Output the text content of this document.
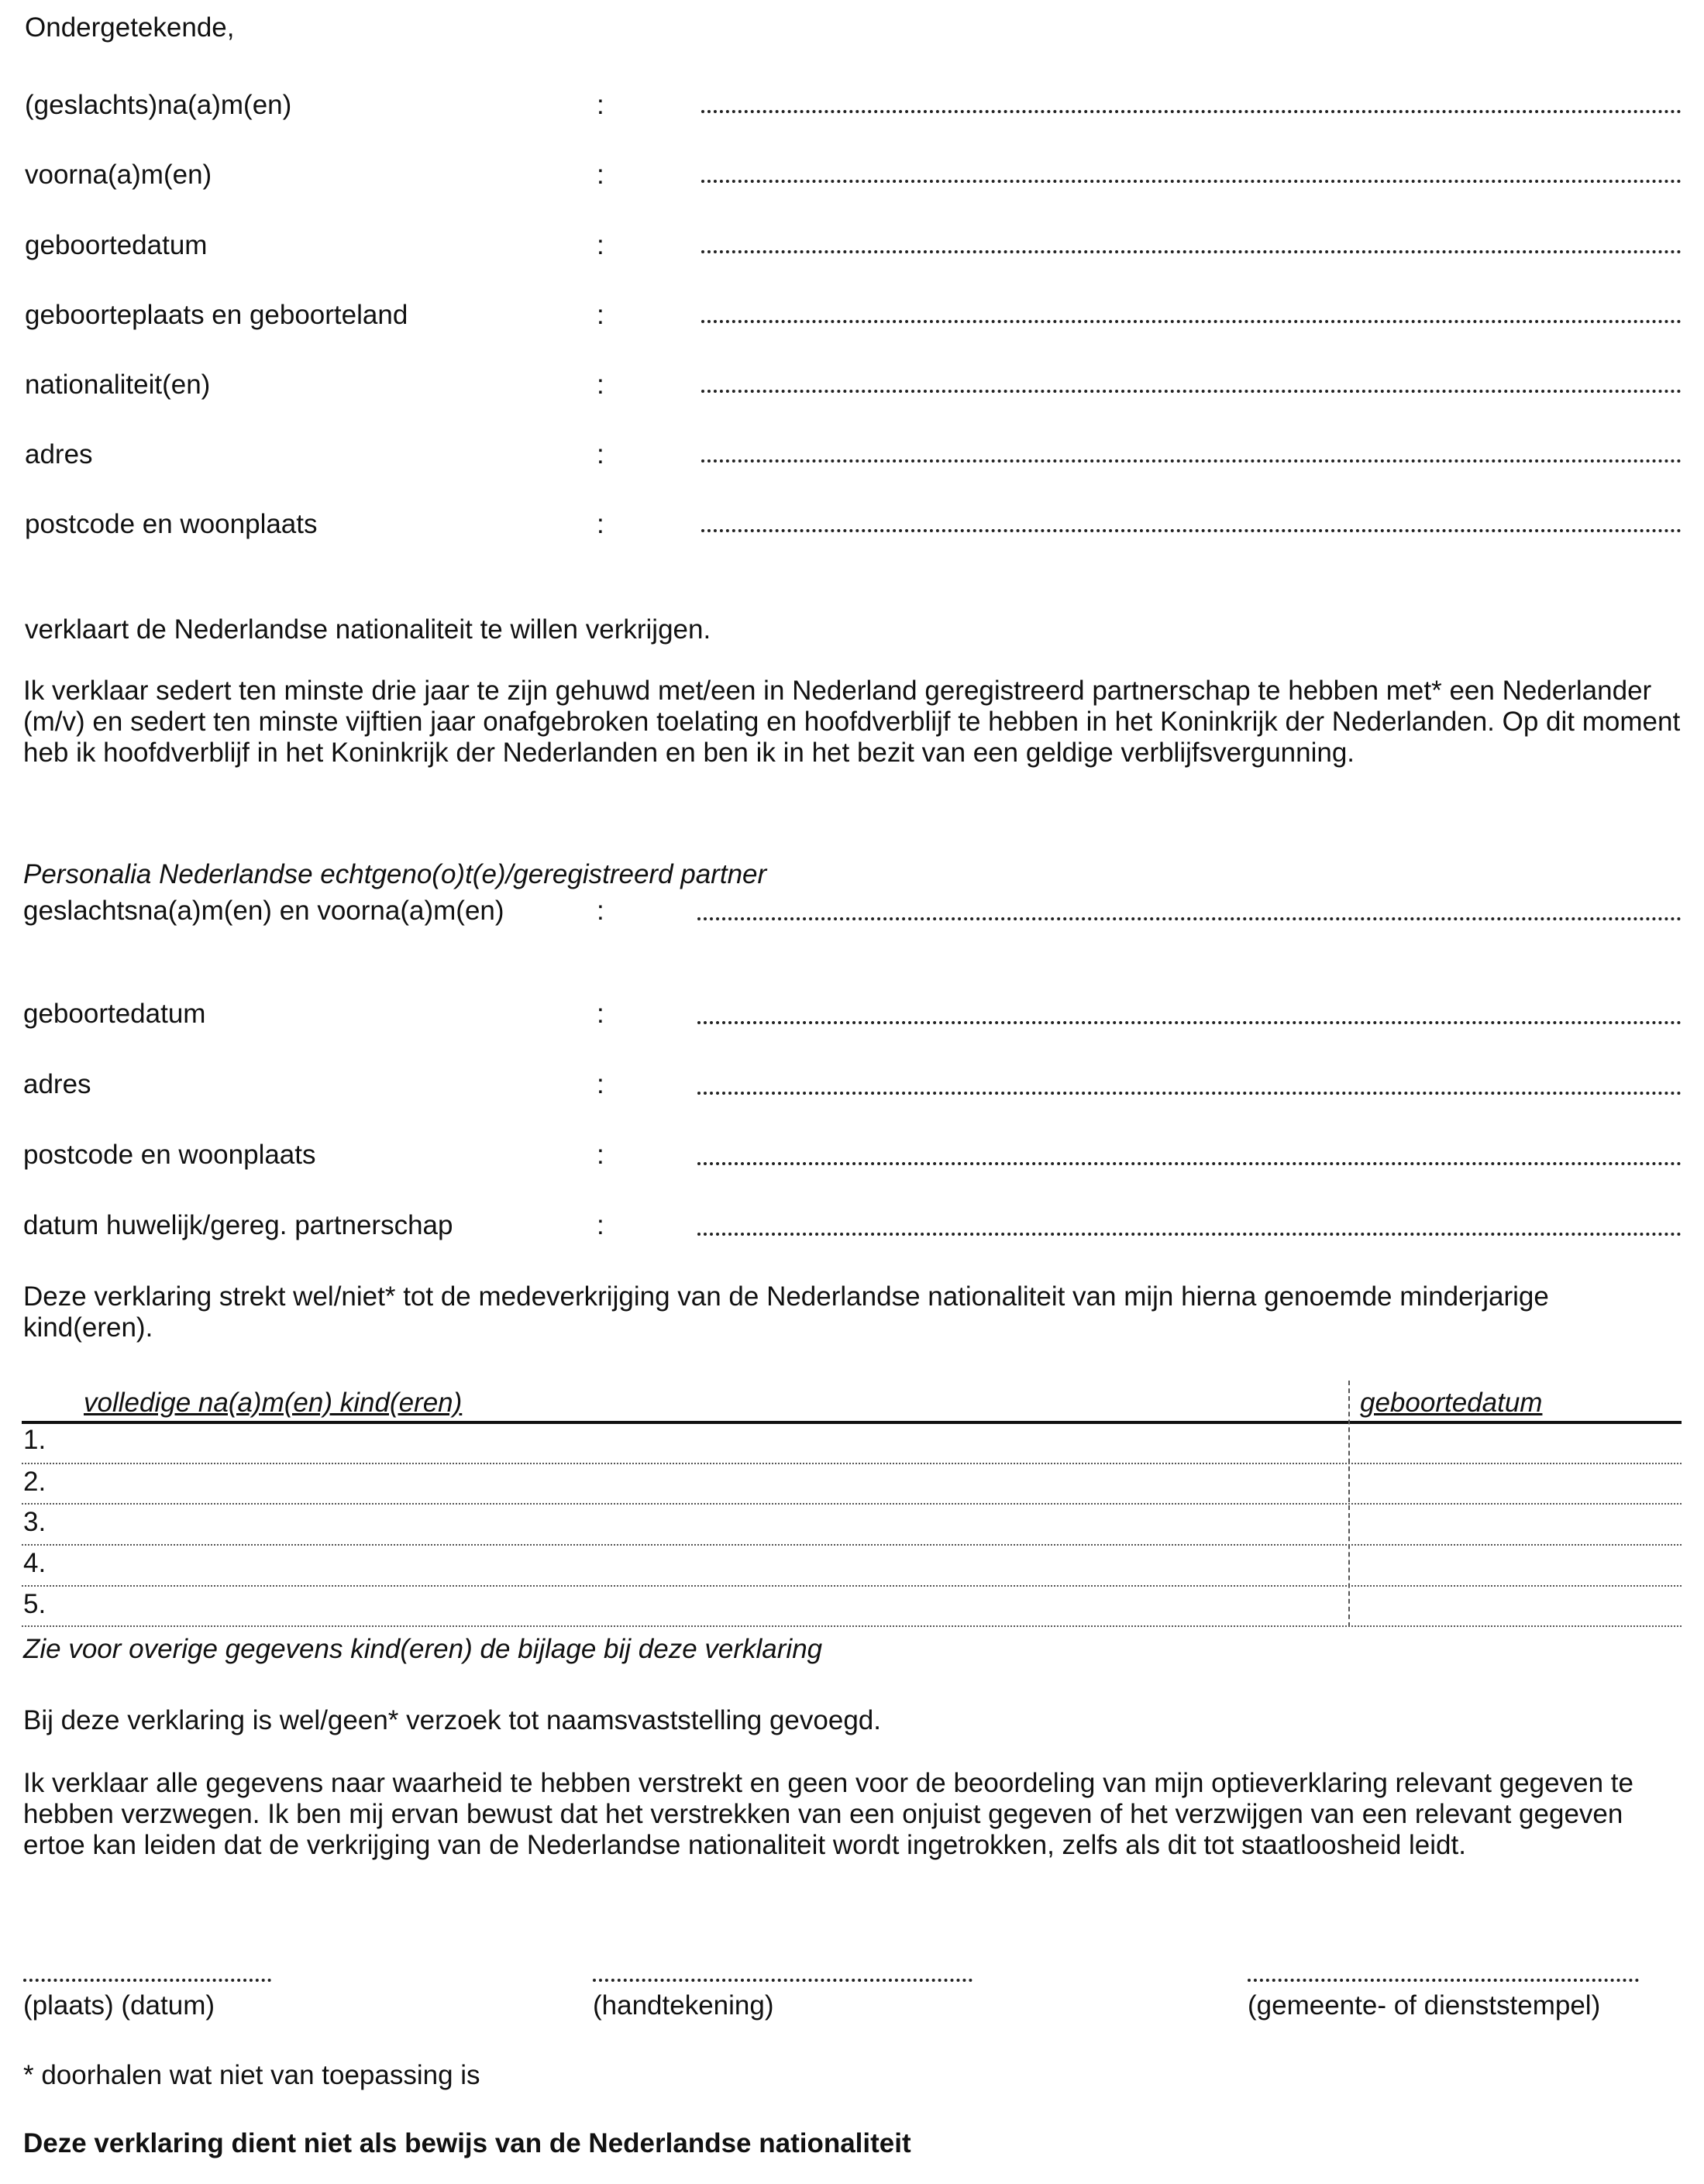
Ondergetekende,
(geslachts)na(a)m(en)	:
voorna(a)m(en)	:
geboortedatum	:
geboorteplaats en geboorteland	:
nationaliteit(en)	:
adres	:
postcode en woonplaats	:
verklaart de Nederlandse nationaliteit te willen verkrijgen.
Ik verklaar sedert ten minste drie jaar te zijn gehuwd met/een in Nederland geregistreerd partnerschap te hebben met* een Nederlander (m/v) en sedert ten minste vijftien jaar onafgebroken toelating en hoofdverblijf te hebben in het Koninkrijk der Nederlanden. Op dit moment heb ik hoofdverblijf in het Koninkrijk der Nederlanden en ben ik in het bezit van een geldige verblijfsvergunning.
Personalia Nederlandse echtgeno(o)t(e)/geregistreerd partner
geslachtsna(a)m(en) en voorna(a)m(en)	:
geboortedatum	:
adres	:
postcode en woonplaats	:
datum huwelijk/gereg. partnerschap	:
Deze verklaring strekt wel/niet* tot de medeverkrijging van de Nederlandse nationaliteit van mijn hierna genoemde minderjarige kind(eren).
volledige na(a)m(en) kind(eren)	geboortedatum
1.
2.
3.
4.
5.
Zie voor overige gegevens kind(eren) de bijlage bij deze verklaring
Bij deze verklaring is wel/geen* verzoek tot naamsvaststelling gevoegd.
Ik verklaar alle gegevens naar waarheid te hebben verstrekt en geen voor de beoordeling van mijn optieverklaring relevant gegeven te hebben verzwegen. Ik ben mij ervan bewust dat het verstrekken van een onjuist gegeven of het verzwijgen van een relevant gegeven ertoe kan leiden dat de verkrijging van de Nederlandse nationaliteit wordt ingetrokken, zelfs als dit tot staatloosheid leidt.
(plaats) (datum)	(handtekening)	(gemeente- of dienststempel)
* doorhalen wat niet van toepassing is
Deze verklaring dient niet als bewijs van de Nederlandse nationaliteit
